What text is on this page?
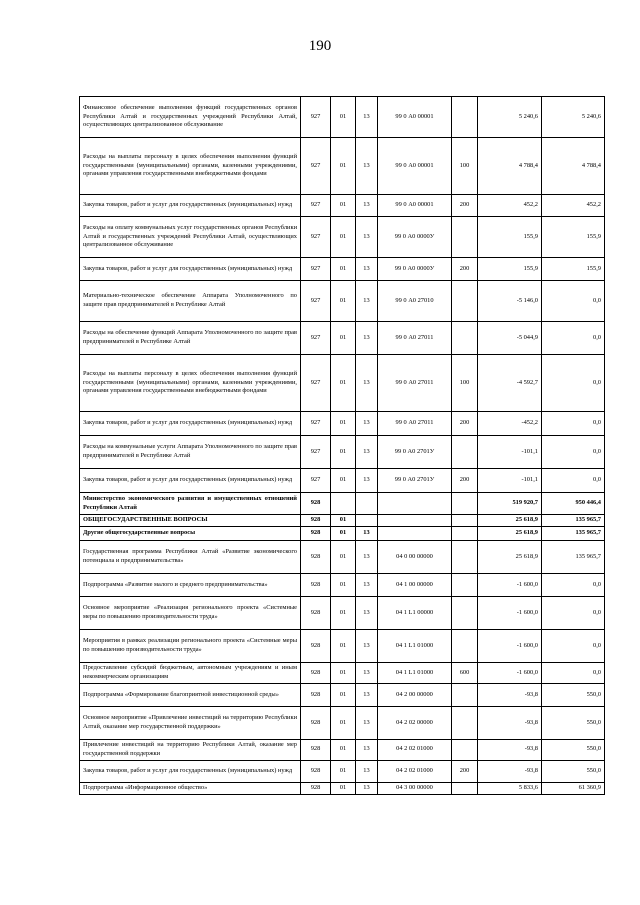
190
Финансовое обеспечение выполнения функций государственных органов Республики Алтай и государственных учреждений Республики Алтай, осуществляющих централизованное обслуживание	927	01	13	99 0 А0 00001		5 240,6	5 240,6
Расходы на выплаты персоналу в целях обеспечения выполнения функций государственными (муниципальными) органами, казенными учреждениями, органами управления государственными внебюджетными фондами	927	01	13	99 0 А0 00001	100	4 788,4	4 788,4
Закупка товаров, работ и услуг для государственных (муниципальных) нужд	927	01	13	99 0 А0 00001	200	452,2	452,2
Расходы на оплату коммунальных услуг государственных органов Республики Алтай и государственных учреждений Республики Алтай, осуществляющих централизованное обслуживание	927	01	13	99 0 А0 0000У		155,9	155,9
Закупка товаров, работ и услуг для государственных (муниципальных) нужд	927	01	13	99 0 А0 0000У	200	155,9	155,9
Материально-техническое обеспечение Аппарата Уполномоченного по защите прав предпринимателей в Республике Алтай	927	01	13	99 0 А0 27010		-5 146,0	0,0
Расходы на обеспечение функций Аппарата Уполномоченного по защите прав предпринимателей в Республике Алтай	927	01	13	99 0 А0 27011		-5 044,9	0,0
Расходы на выплаты персоналу в целях обеспечения выполнения функций государственными (муниципальными) органами, казенными учреждениями, органами управления государственными внебюджетными фондами	927	01	13	99 0 А0 27011	100	-4 592,7	0,0
Закупка товаров, работ и услуг для государственных (муниципальных) нужд	927	01	13	99 0 А0 27011	200	-452,2	0,0
Расходы на коммунальные услуги Аппарата Уполномоченного по защите прав предпринимателей в Республике Алтай	927	01	13	99 0 А0 2701У		-101,1	0,0
Закупка товаров, работ и услуг для государственных (муниципальных) нужд	927	01	13	99 0 А0 2701У	200	-101,1	0,0
Министерство экономического развития и имущественных отношений Республики Алтай	928					519 920,7	950 446,4
ОБЩЕГОСУДАРСТВЕННЫЕ ВОПРОСЫ	928	01				25 618,9	135 965,7
Другие общегосударственные вопросы	928	01	13			25 618,9	135 965,7
Государственная программа Республики Алтай «Развитие экономического потенциала и предпринимательства»	928	01	13	04 0 00 00000		25 618,9	135 965,7
Подпрограмма «Развитие малого и среднего предпринимательства»	928	01	13	04 1 00 00000		-1 600,0	0,0
Основное мероприятие «Реализация регионального проекта «Системные меры по повышению производительности труда»	928	01	13	04 1 L1 00000		-1 600,0	0,0
Мероприятия в рамках реализации регионального проекта «Системные меры по повышению производительности труда»	928	01	13	04 1 L1 01000		-1 600,0	0,0
Предоставление субсидий бюджетным, автономным учреждениям и иным некоммерческим организациям	928	01	13	04 1 L1 01000	600	-1 600,0	0,0
Подпрограмма «Формирование благоприятной инвестиционной среды»	928	01	13	04 2 00 00000		-93,8	550,0
Основное мероприятие «Привлечение инвестиций на территорию Республики Алтай, оказание мер государственной поддержки»	928	01	13	04 2 02 00000		-93,8	550,0
Привлечение инвестиций на территорию Республики Алтай, оказание мер государственной поддержки	928	01	13	04 2 02 01000		-93,8	550,0
Закупка товаров, работ и услуг для государственных (муниципальных) нужд	928	01	13	04 2 02 01000	200	-93,8	550,0
Подпрограмма «Информационное общество»	928	01	13	04 3 00 00000		5 833,6	61 360,9
